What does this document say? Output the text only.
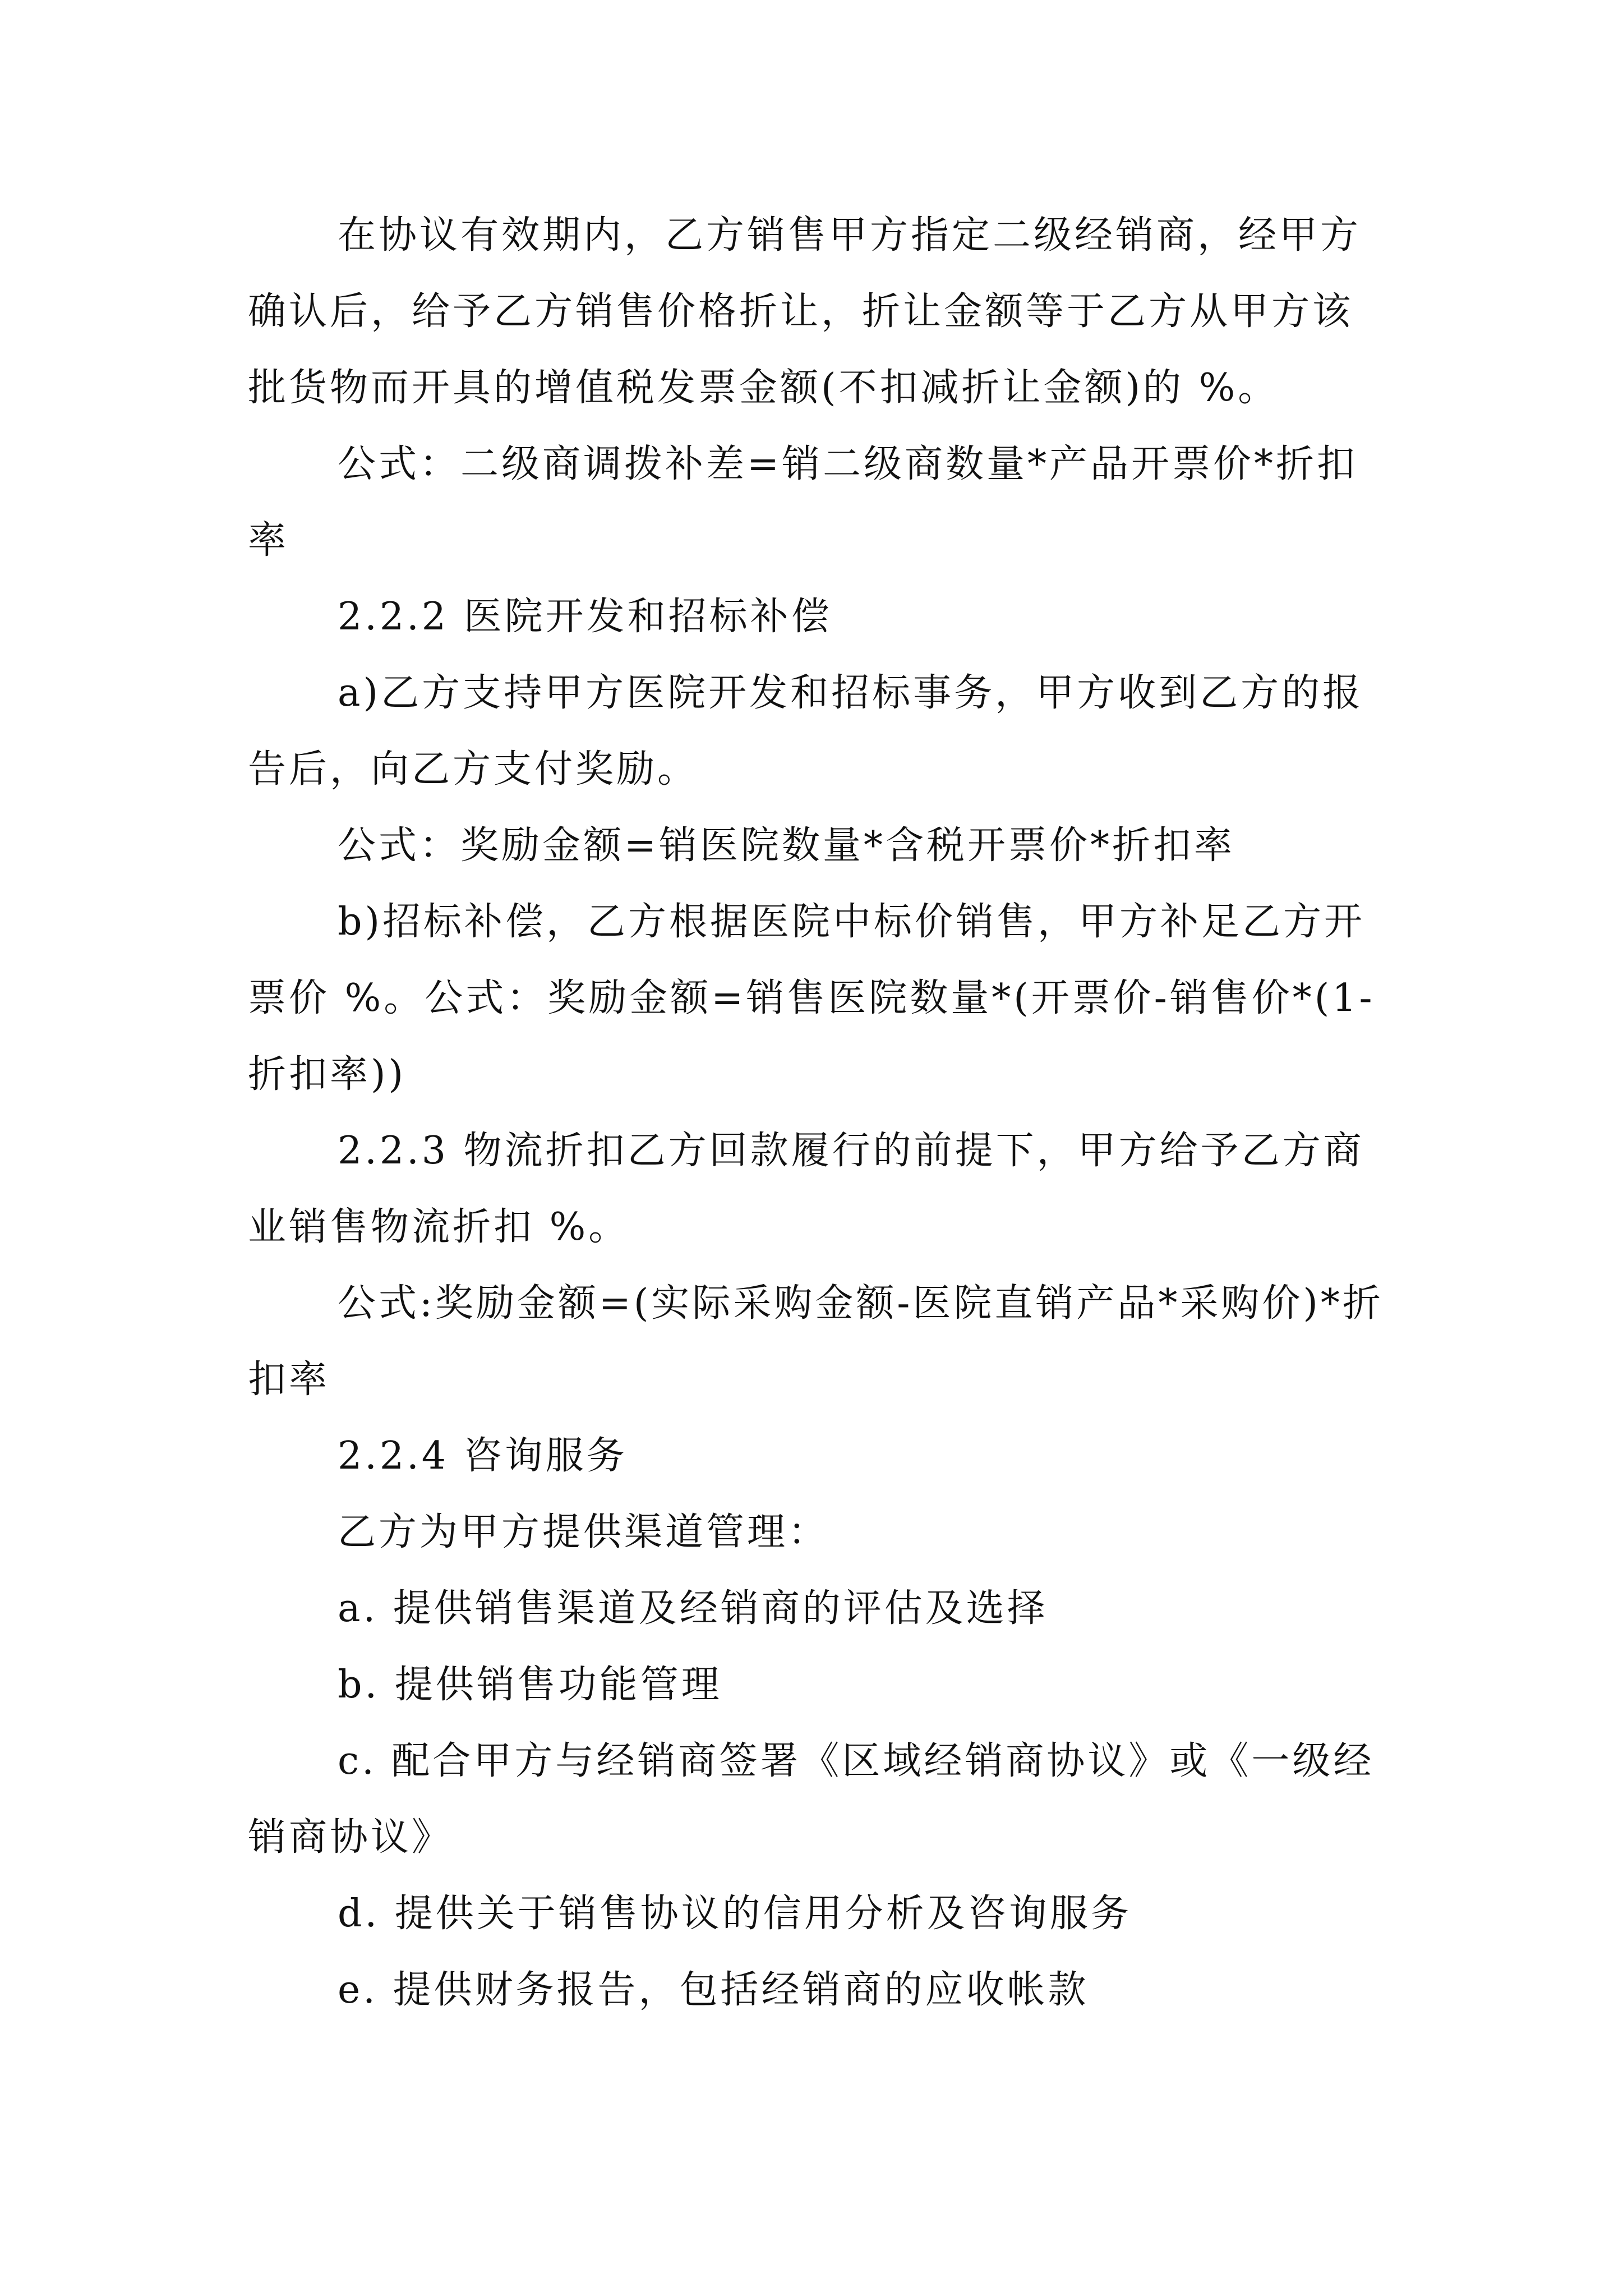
在协议有效期内，乙方销售甲方指定二级经销商，经甲方确认后，给予乙方销售价格折让，折让金额等于乙方从甲方该批货物而开具的增值税发票金额(不扣减折让金额)的 %。

公式：二级商调拨补差=销二级商数量*产品开票价*折扣率

2.2.2 医院开发和招标补偿

a)乙方支持甲方医院开发和招标事务，甲方收到乙方的报告后，向乙方支付奖励。

公式：奖励金额=销医院数量*含税开票价*折扣率

b)招标补偿，乙方根据医院中标价销售，甲方补足乙方开票价 %。公式：奖励金额=销售医院数量*(开票价-销售价*(1-折扣率))

2.2.3 物流折扣乙方回款履行的前提下，甲方给予乙方商业销售物流折扣 %。

公式:奖励金额=(实际采购金额-医院直销产品*采购价)*折扣率

2.2.4 咨询服务

乙方为甲方提供渠道管理：

a. 提供销售渠道及经销商的评估及选择

b. 提供销售功能管理

c. 配合甲方与经销商签署《区域经销商协议》或《一级经销商协议》

d. 提供关于销售协议的信用分析及咨询服务

e. 提供财务报告，包括经销商的应收帐款
